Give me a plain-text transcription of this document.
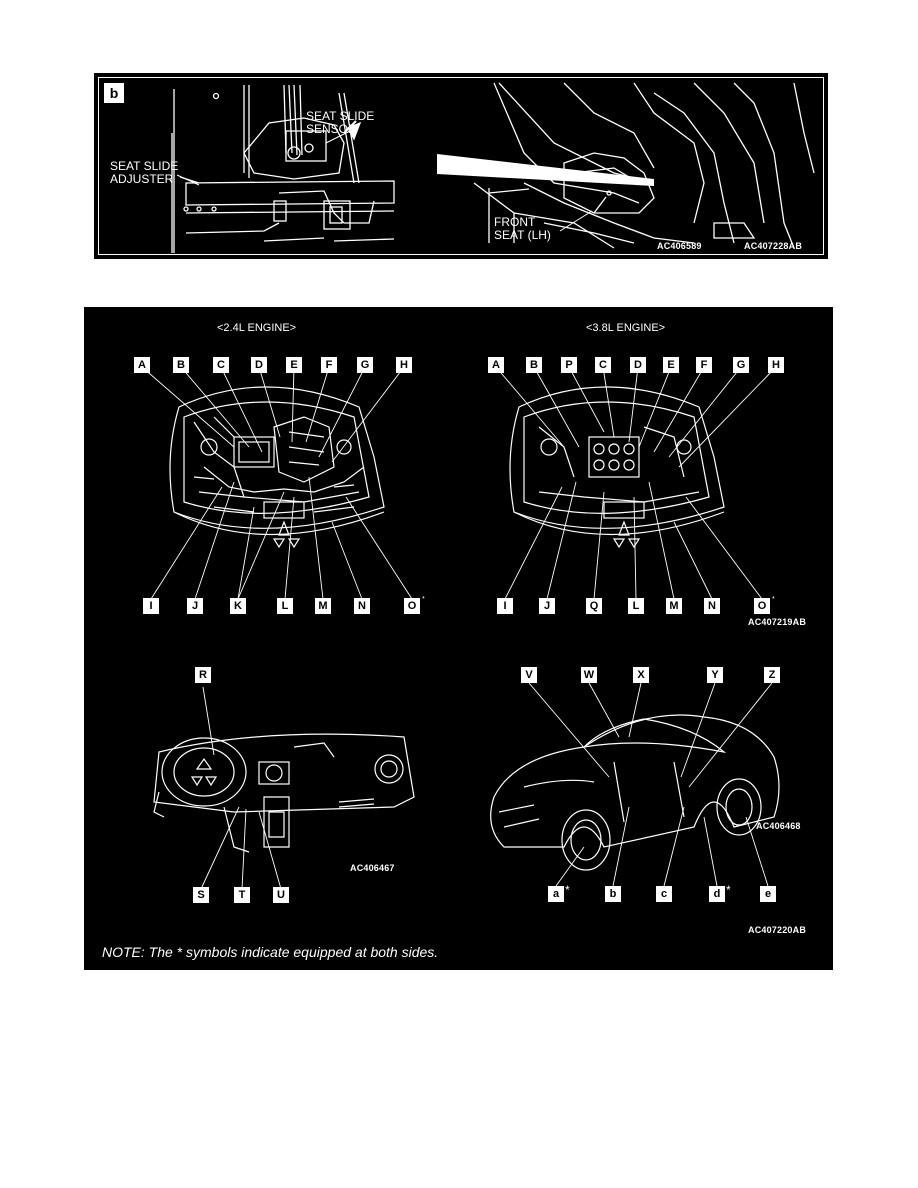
b
SEAT SLIDE
SENSOR
SEAT SLIDE
ADJUSTER
FRONT
SEAT (LH)
AC406589	AC407228AB
<2.4L ENGINE>	<3.8L ENGINE>
A	B	C	D	E	F	G	H
I	J	K	L	M	N	O
*
A	B	P	C	D	E	F	G	H
I	J	Q	L	M	N	O
*
AC407219AB
R
S	T	U
AC406467
V	W	X	Y	Z
a *	b	c	d *	e
AC406468
AC407220AB
NOTE: The * symbols indicate equipped at both sides.
